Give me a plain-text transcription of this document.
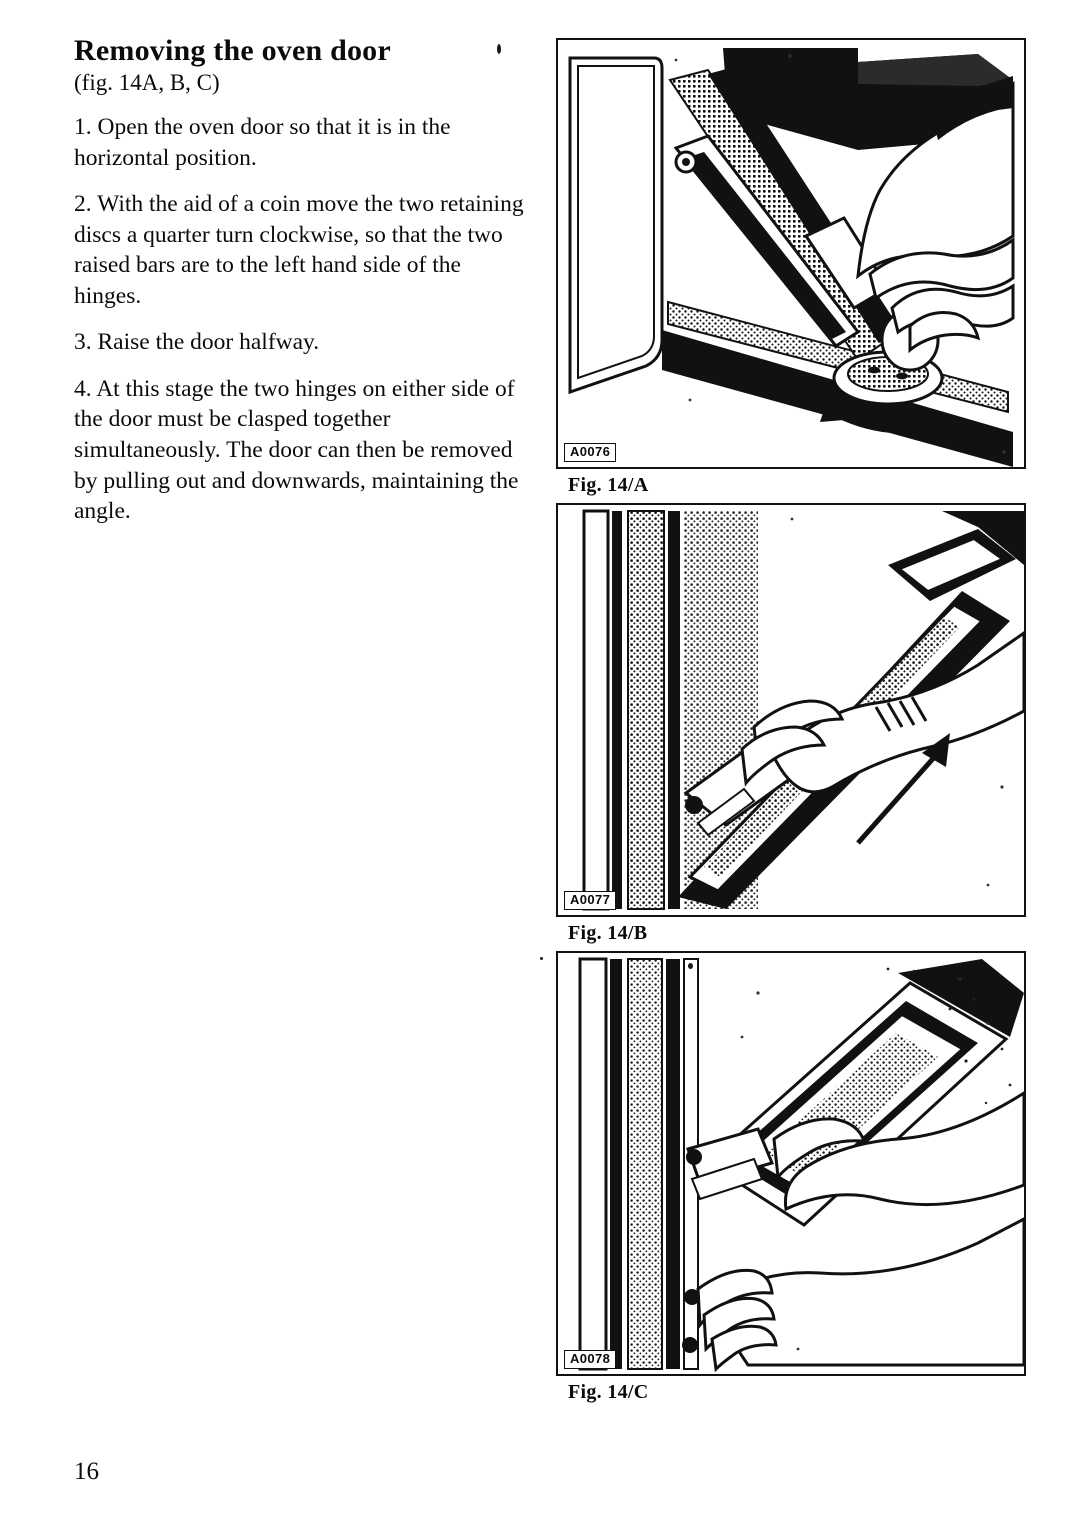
Removing the oven door
(fig. 14A, B, C)

1. Open the oven door so that it is in the horizontal position.

2. With the aid of a coin move the two retaining discs a quarter turn clockwise, so that the two raised bars are to the left hand side of the hinges.

3. Raise the door halfway.

4. At this stage the two hinges on either side of the door must be clasped together simultaneously. The door can then be removed by pulling out and downwards, maintaining the angle.

A0076
Fig. 14/A
A0077
Fig. 14/B
A0078
Fig. 14/C
16
